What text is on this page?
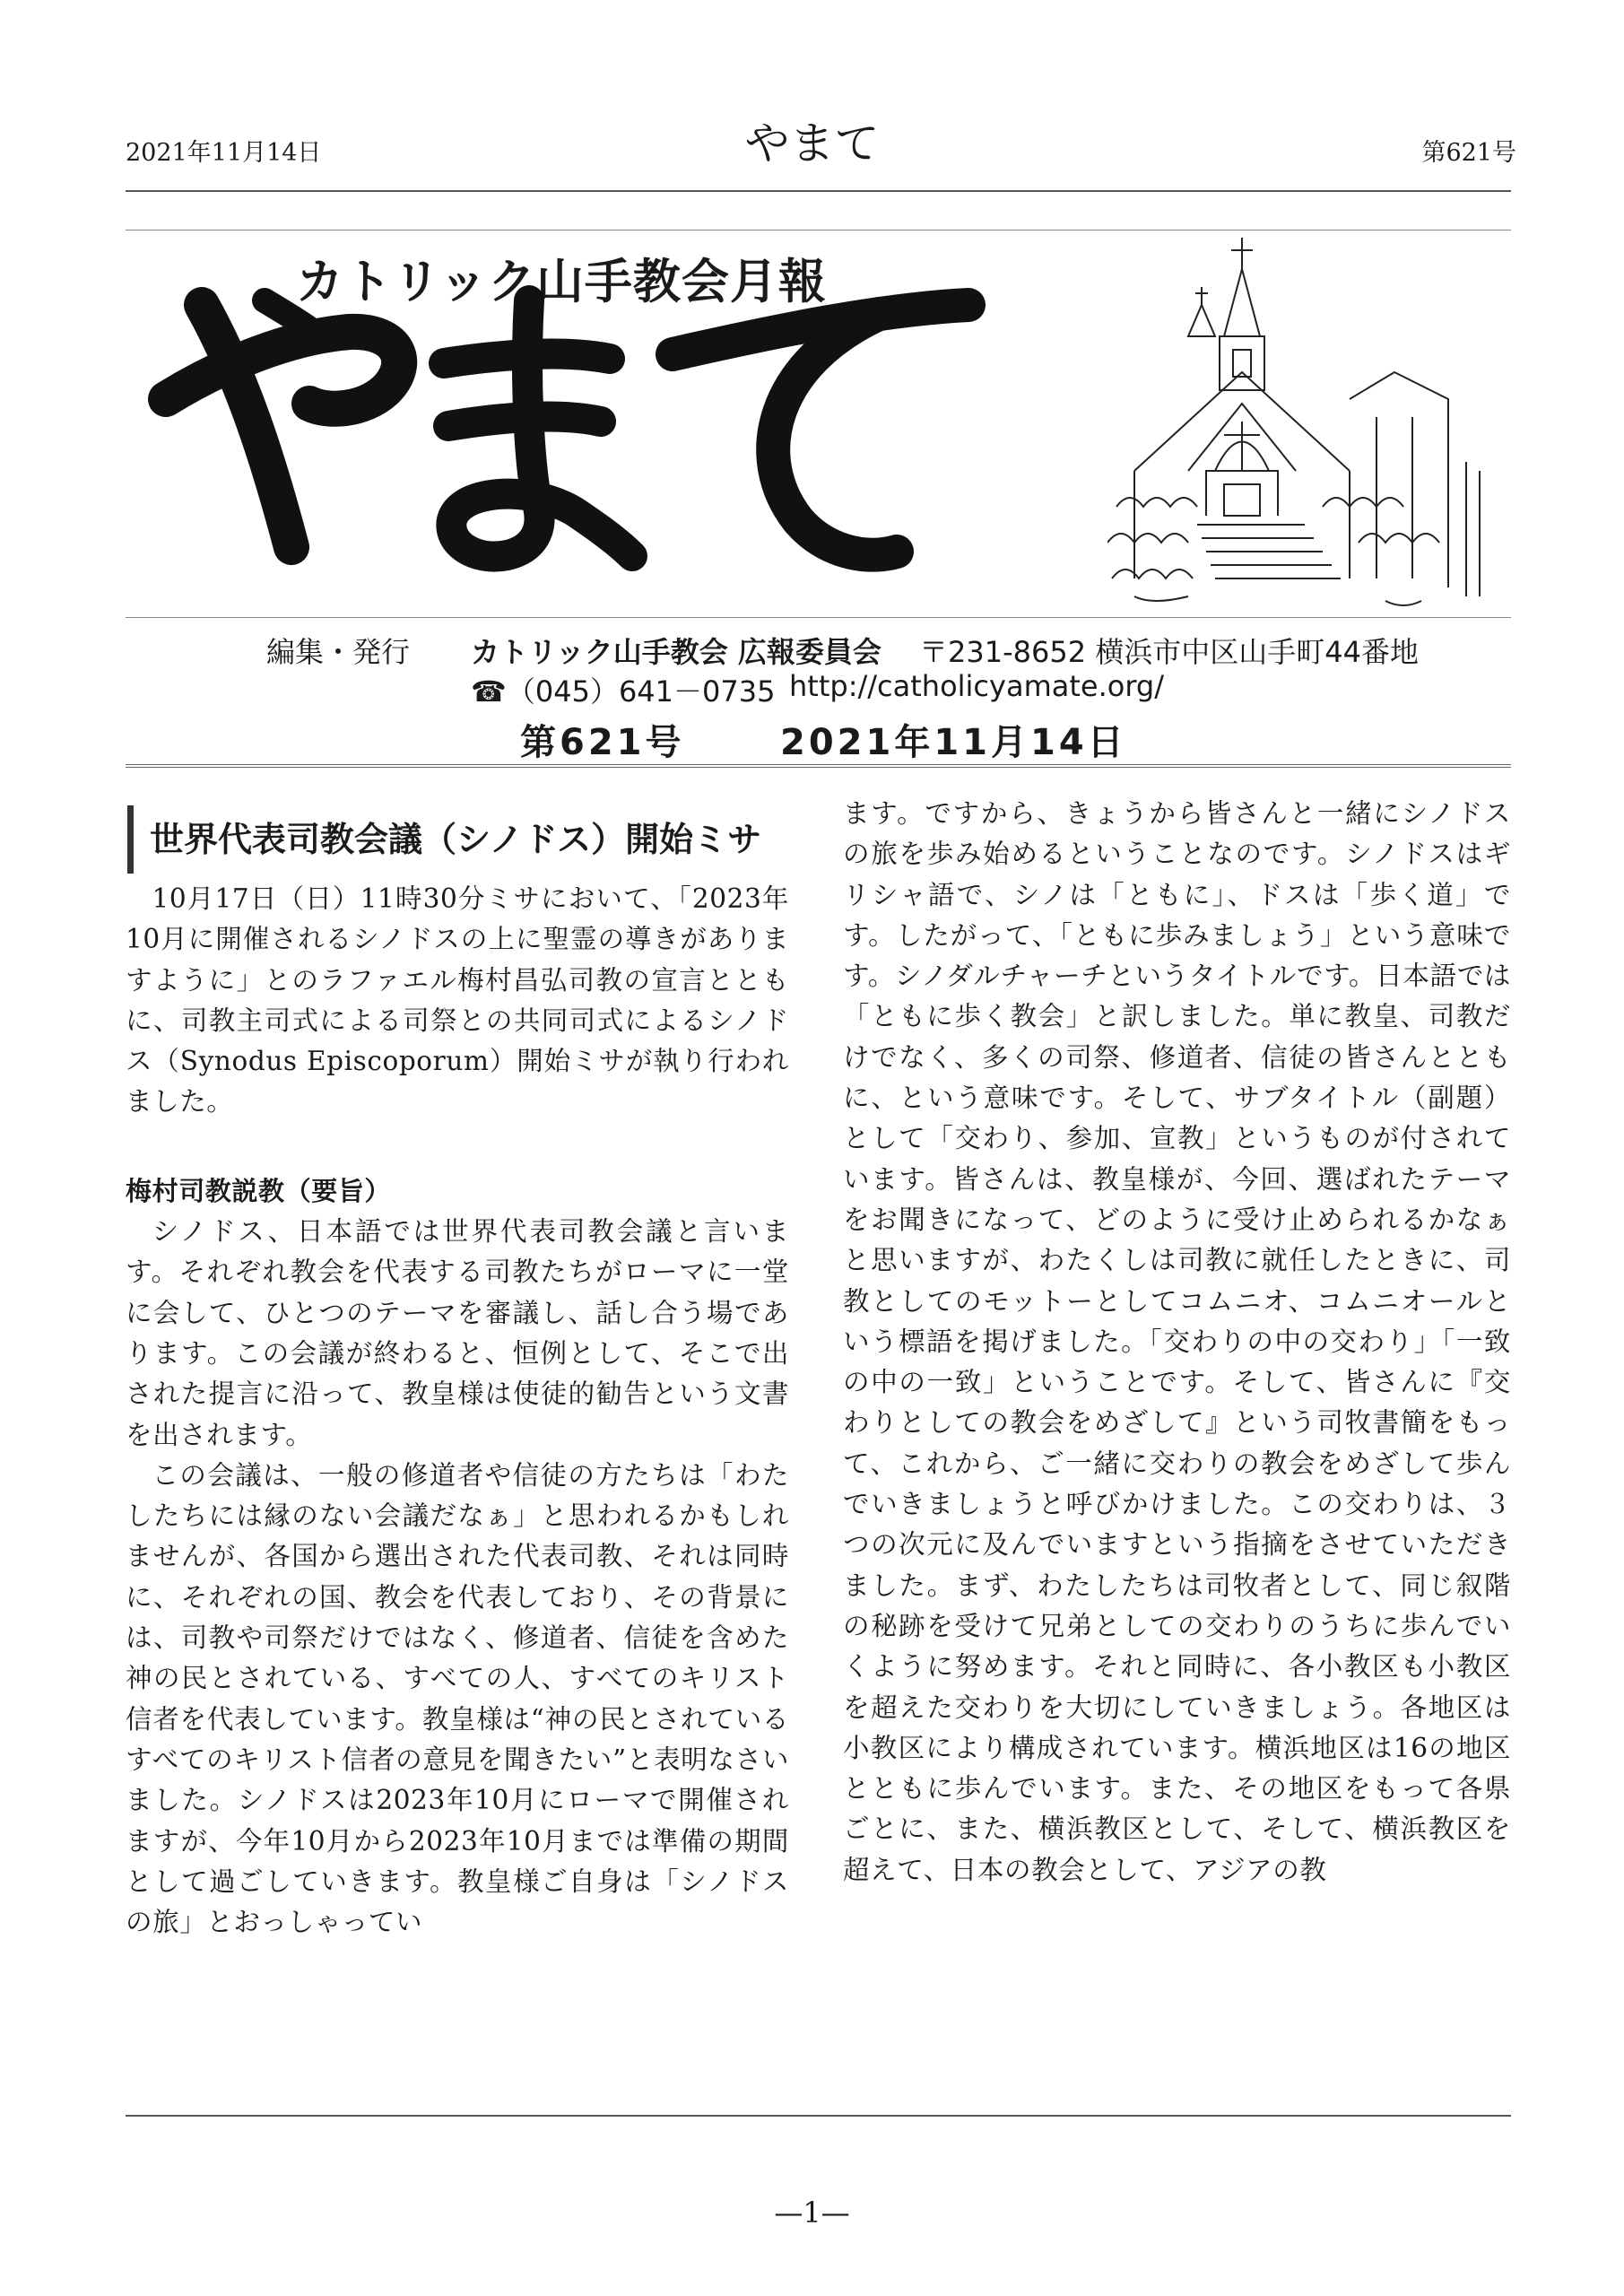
2021年11月14日	やまて	第621号
カトリック山手教会月報
編集・発行 カトリック山手教会 広報委員会 〒231-8652 横浜市中区山手町44番地
☎（045）641－0735 http://catholicyamate.org/
第621号	2021年11月14日
世界代表司教会議（シノドス）開始ミサ

10月17日（日）11時30分ミサにおいて、「2023年10月に開催されるシノドスの上に聖霊の導きがありますように」とのラファエル梅村昌弘司教の宣言とともに、司教主司式による司祭との共同司式によるシノドス（Synodus Episcoporum）開始ミサが執り行われました。

梅村司教説教（要旨）

シノドス、日本語では世界代表司教会議と言います。それぞれ教会を代表する司教たちがローマに一堂に会して、ひとつのテーマを審議し、話し合う場であります。この会議が終わると、恒例として、そこで出された提言に沿って、教皇様は使徒的勧告という文書を出されます。

この会議は、一般の修道者や信徒の方たちは「わたしたちには縁のない会議だなぁ」と思われるかもしれませんが、各国から選出された代表司教、それは同時に、それぞれの国、教会を代表しており、その背景には、司教や司祭だけではなく、修道者、信徒を含めた神の民とされている、すべての人、すべてのキリスト信者を代表しています。教皇様は“神の民とされているすべてのキリスト信者の意見を聞きたい”と表明なさいました。シノドスは2023年10月にローマで開催されますが、今年10月から2023年10月までは準備の期間として過ごしていきます。教皇様ご自身は「シノドスの旅」とおっしゃってい

ます。ですから、きょうから皆さんと一緒にシノドスの旅を歩み始めるということなのです。シノドスはギリシャ語で、シノは「ともに」、ドスは「歩く道」です。したがって、「ともに歩みましょう」という意味です。シノダルチャーチというタイトルです。日本語では「ともに歩く教会」と訳しました。単に教皇、司教だけでなく、多くの司祭、修道者、信徒の皆さんとともに、という意味です。そして、サブタイトル（副題）として「交わり、参加、宣教」というものが付されています。皆さんは、教皇様が、今回、選ばれたテーマをお聞きになって、どのように受け止められるかなぁと思いますが、わたくしは司教に就任したときに、司教としてのモットーとしてコムニオ、コムニオールという標語を掲げました。「交わりの中の交わり」「一致の中の一致」ということです。そして、皆さんに『交わりとしての教会をめざして』という司牧書簡をもって、これから、ご一緒に交わりの教会をめざして歩んでいきましょうと呼びかけました。この交わりは、３つの次元に及んでいますという指摘をさせていただきました。まず、わたしたちは司牧者として、同じ叙階の秘跡を受けて兄弟としての交わりのうちに歩んでいくように努めます。それと同時に、各小教区も小教区を超えた交わりを大切にしていきましょう。各地区は小教区により構成されています。横浜地区は16の地区とともに歩んでいます。また、その地区をもって各県ごとに、また、横浜教区として、そして、横浜教区を超えて、日本の教会として、アジアの教

—1—
